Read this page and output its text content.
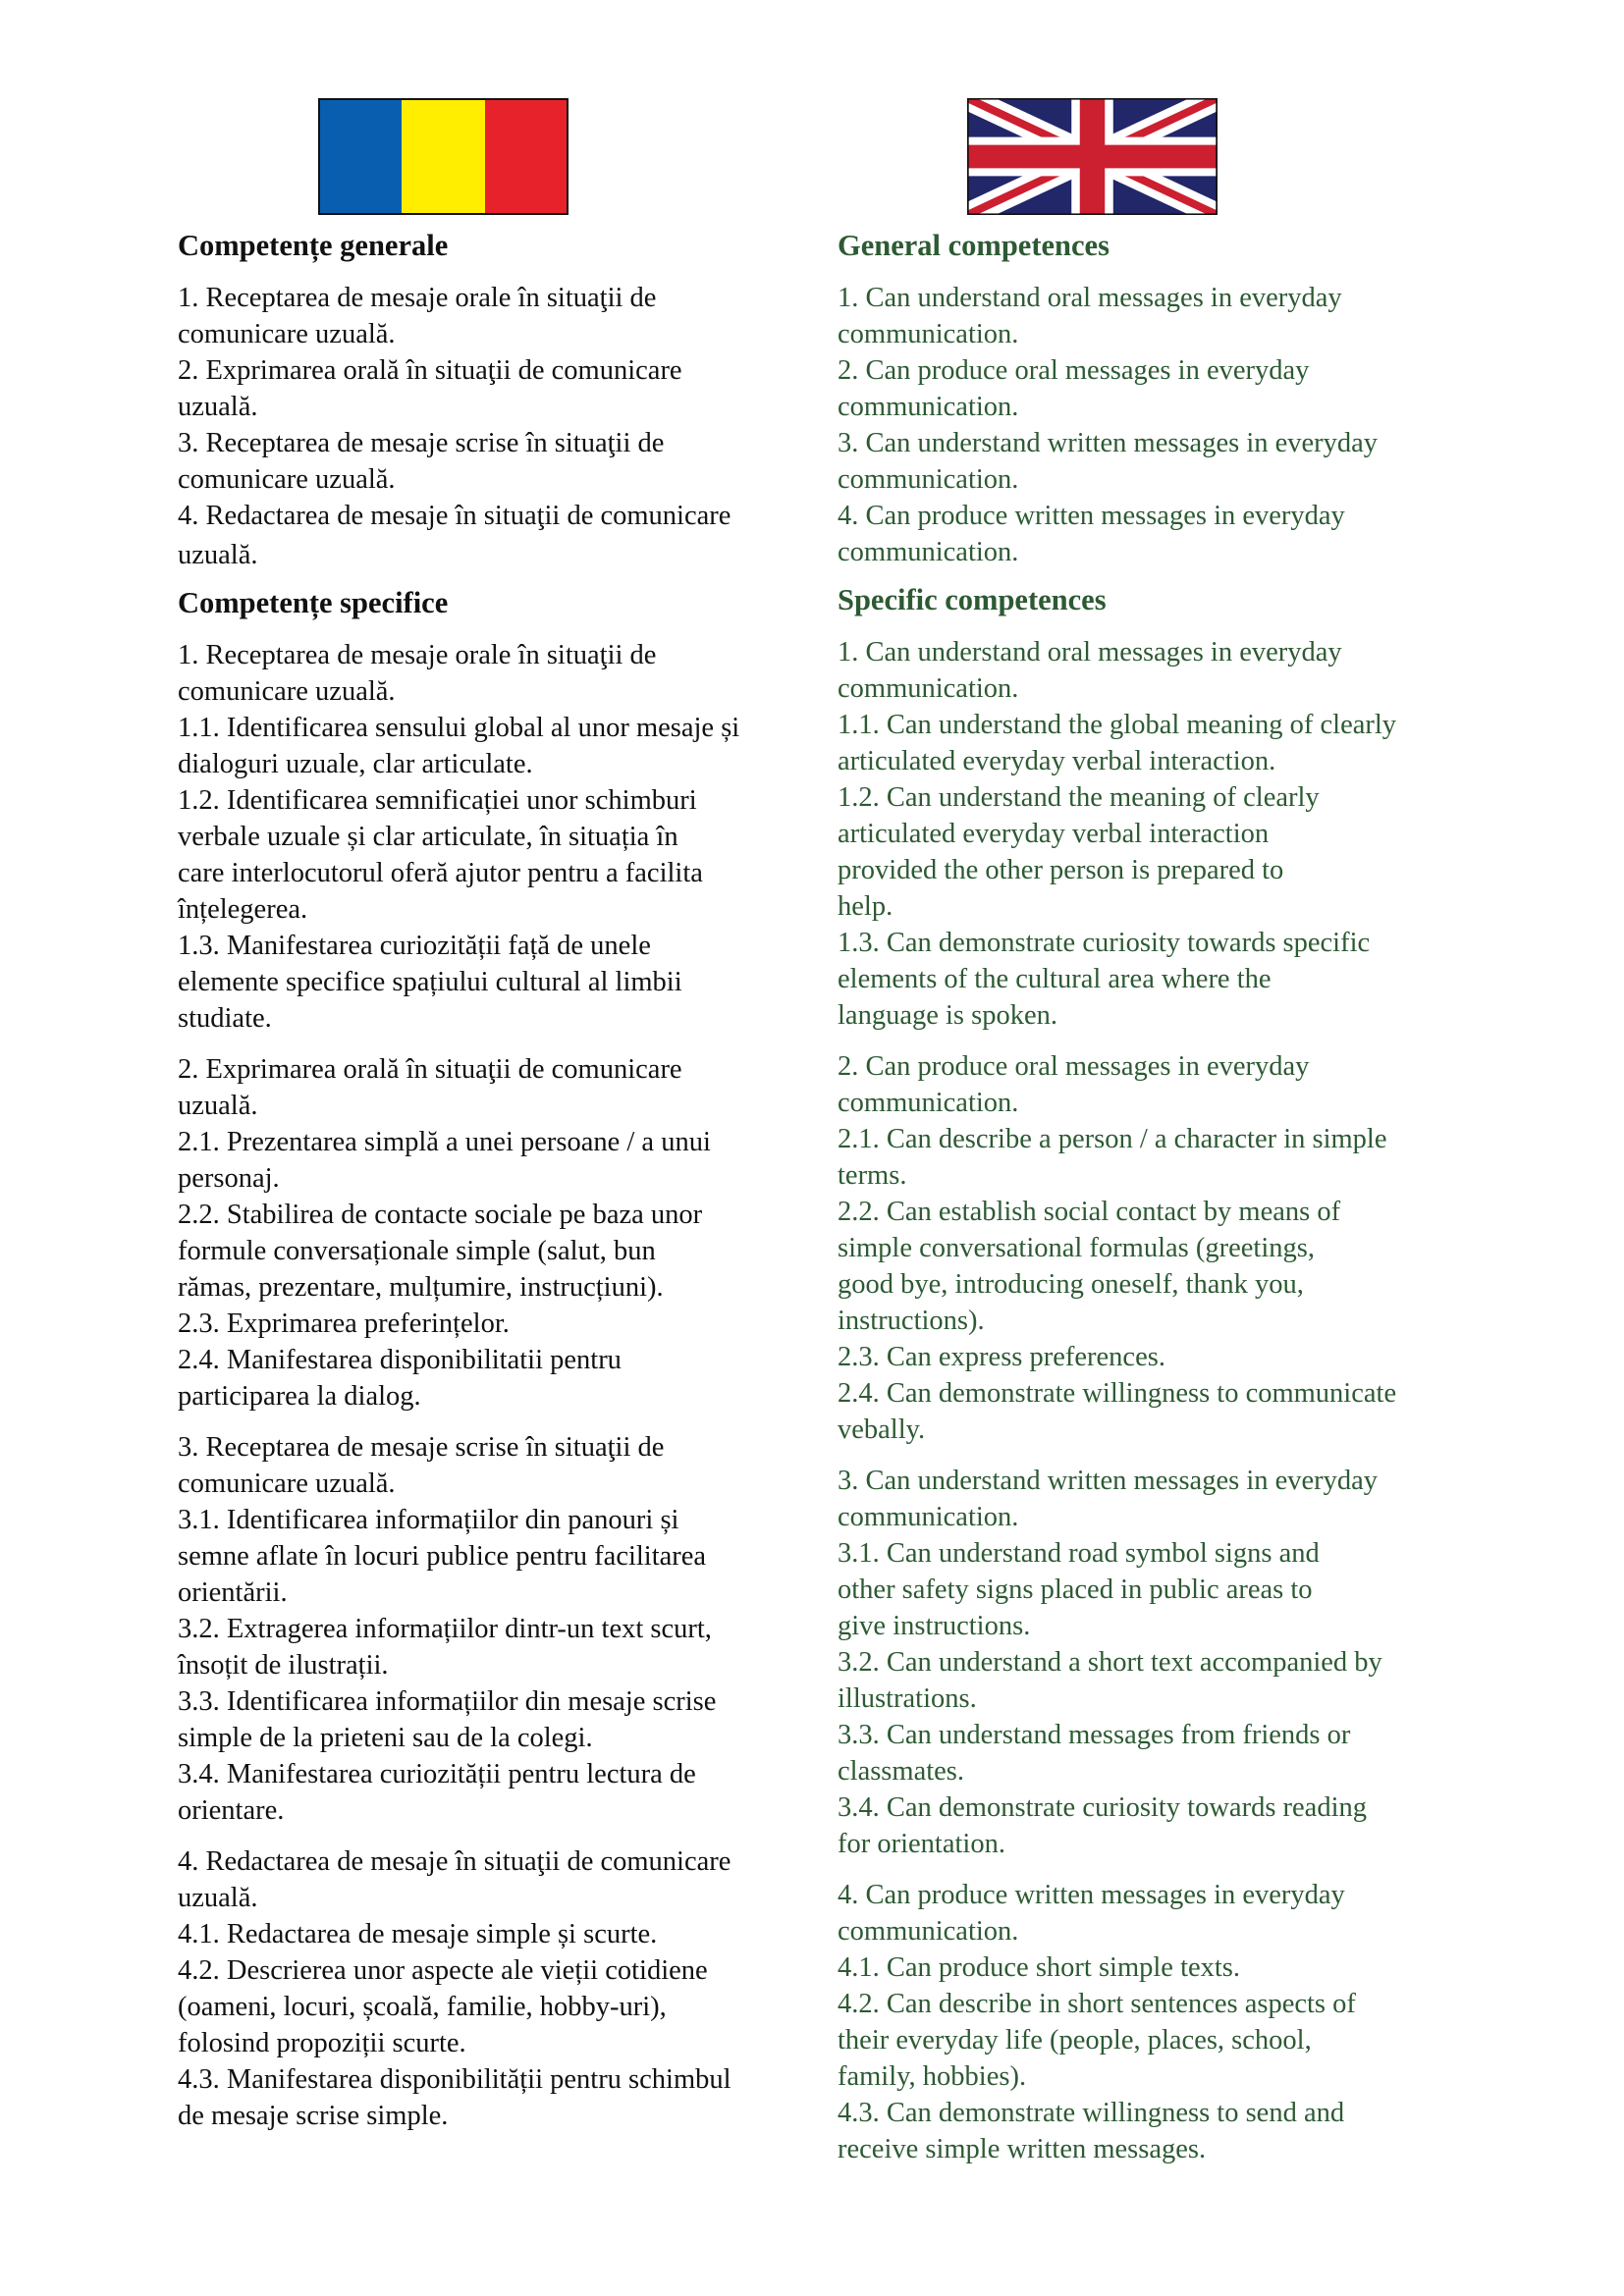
Competențe generale
1. Receptarea de mesaje orale în situaţii de
comunicare uzuală.
2. Exprimarea orală în situaţii de comunicare
uzuală.
3. Receptarea de mesaje scrise în situaţii de
comunicare uzuală.
4. Redactarea de mesaje în situaţii de comunicare
uzuală.
Competențe specifice
1. Receptarea de mesaje orale în situaţii de
comunicare uzuală.
1.1. Identificarea sensului global al unor mesaje și
dialoguri uzuale, clar articulate.
1.2. Identificarea semnificației unor schimburi
verbale uzuale și clar articulate, în situația în
care interlocutorul oferă ajutor pentru a facilita
înțelegerea.
1.3. Manifestarea curiozității față de unele
elemente specifice spațiului cultural al limbii
studiate.
2. Exprimarea orală în situaţii de comunicare
uzuală.
2.1. Prezentarea simplă a unei persoane / a unui
personaj.
2.2. Stabilirea de contacte sociale pe baza unor
formule conversaționale simple (salut, bun
rămas, prezentare, mulțumire, instrucțiuni).
2.3. Exprimarea preferințelor.
2.4. Manifestarea disponibilitatii pentru
participarea la dialog.
3. Receptarea de mesaje scrise în situaţii de
comunicare uzuală.
3.1. Identificarea informațiilor din panouri și
semne aflate în locuri publice pentru facilitarea
orientării.
3.2. Extragerea informațiilor dintr-un text scurt,
însoțit de ilustrații.
3.3. Identificarea informațiilor din mesaje scrise
simple de la prieteni sau de la colegi.
3.4. Manifestarea curiozității pentru lectura de
orientare.
4. Redactarea de mesaje în situaţii de comunicare
uzuală.
4.1. Redactarea de mesaje simple și scurte.
4.2. Descrierea unor aspecte ale vieții cotidiene
(oameni, locuri, școală, familie, hobby-uri),
folosind propoziții scurte.
4.3. Manifestarea disponibilității pentru schimbul
de mesaje scrise simple.
General competences
1. Can understand oral messages in everyday
communication.
2. Can produce oral messages in everyday
communication.
3. Can understand written messages in everyday
communication.
4. Can produce written messages in everyday
communication.
Specific competences
1. Can understand oral messages in everyday
communication.
1.1. Can understand the global meaning of clearly
articulated everyday verbal interaction.
1.2. Can understand the meaning of clearly
articulated everyday verbal interaction
provided the other person is prepared to
help.
1.3. Can demonstrate curiosity towards specific
elements of the cultural area where the
language is spoken.
2. Can produce oral messages in everyday
communication.
2.1. Can describe a person / a character in simple
terms.
2.2. Can establish social contact by means of
simple conversational formulas (greetings,
good bye, introducing oneself, thank you,
instructions).
2.3. Can express preferences.
2.4. Can demonstrate willingness to communicate
vebally.
3. Can understand written messages in everyday
communication.
3.1. Can understand road symbol signs and
other safety signs placed in public areas to
give instructions.
3.2. Can understand a short text accompanied by
illustrations.
3.3. Can understand messages from friends or
classmates.
3.4. Can demonstrate curiosity towards reading
for orientation.
4. Can produce written messages in everyday
communication.
4.1. Can produce short simple texts.
4.2. Can describe in short sentences aspects of
their everyday life (people, places, school,
family, hobbies).
4.3. Can demonstrate willingness to send and
receive simple written messages.
